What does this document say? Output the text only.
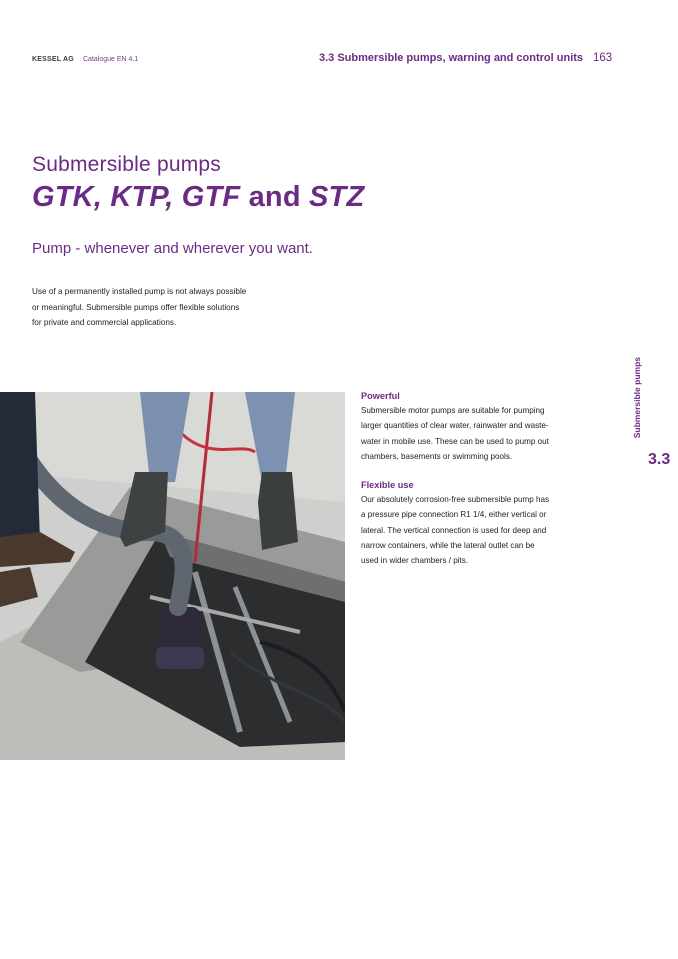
KESSEL AG Catalogue EN 4.1	3.3 Submersible pumps, warning and control units 163
Submersible pumps
GTK, KTP, GTF and STZ
Pump - whenever and wherever you want.
Use of a permanently installed pump is not always possible
or meaningful. Submersible pumps offer flexible solutions
for private and commercial applications.
Submersible pumps
3.3
Powerful
Submersible motor pumps are suitable for pumping
larger quantities of clear water, rainwater and waste-
water in mobile use. These can be used to pump out
chambers, basements or swimming pools.
Flexible use
Our absolutely corrosion-free submersible pump has
a pressure pipe connection R1 1/4, either vertical or
lateral. The vertical connection is used for deep and
narrow containers, while the lateral outlet can be
used in wider chambers / pits.
